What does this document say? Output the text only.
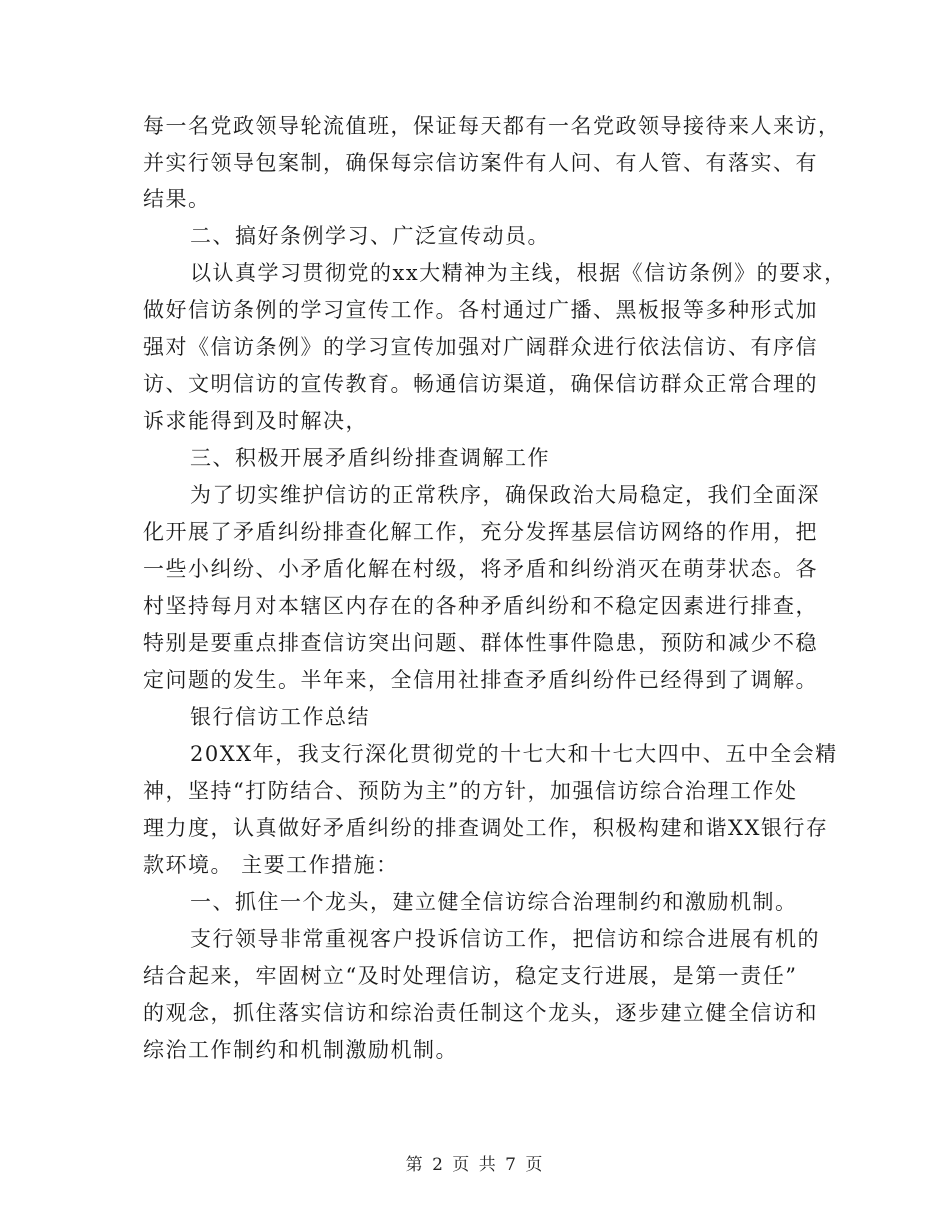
每一名党政领导轮流值班，保证每天都有一名党政领导接待来人来访，
并实行领导包案制，确保每宗信访案件有人问、有人管、有落实、有
结果。
二、搞好条例学习、广泛宣传动员。
以认真学习贯彻党的xx大精神为主线，根据《信访条例》的要求，
做好信访条例的学习宣传工作。各村通过广播、黑板报等多种形式加
强对《信访条例》的学习宣传加强对广阔群众进行依法信访、有序信
访、文明信访的宣传教育。畅通信访渠道，确保信访群众正常合理的
诉求能得到及时解决，
三、积极开展矛盾纠纷排查调解工作
为了切实维护信访的正常秩序，确保政治大局稳定，我们全面深
化开展了矛盾纠纷排查化解工作，充分发挥基层信访网络的作用，把
一些小纠纷、小矛盾化解在村级，将矛盾和纠纷消灭在萌芽状态。各
村坚持每月对本辖区内存在的各种矛盾纠纷和不稳定因素进行排查，
特别是要重点排查信访突出问题、群体性事件隐患，预防和减少不稳
定问题的发生。半年来，全信用社排查矛盾纠纷件已经得到了调解。
银行信访工作总结
20XX年，我支行深化贯彻党的十七大和十七大四中、五中全会精
神，坚持“打防结合、预防为主”的方针，加强信访综合治理工作处
理力度，认真做好矛盾纠纷的排查调处工作，积极构建和谐XX银行存
款环境。 主要工作措施：
一、抓住一个龙头，建立健全信访综合治理制约和激励机制。
支行领导非常重视客户投诉信访工作，把信访和综合进展有机的
结合起来，牢固树立“及时处理信访，稳定支行进展，是第一责任”
的观念，抓住落实信访和综治责任制这个龙头，逐步建立健全信访和
综治工作制约和机制激励机制。
第 2 页 共 7 页
